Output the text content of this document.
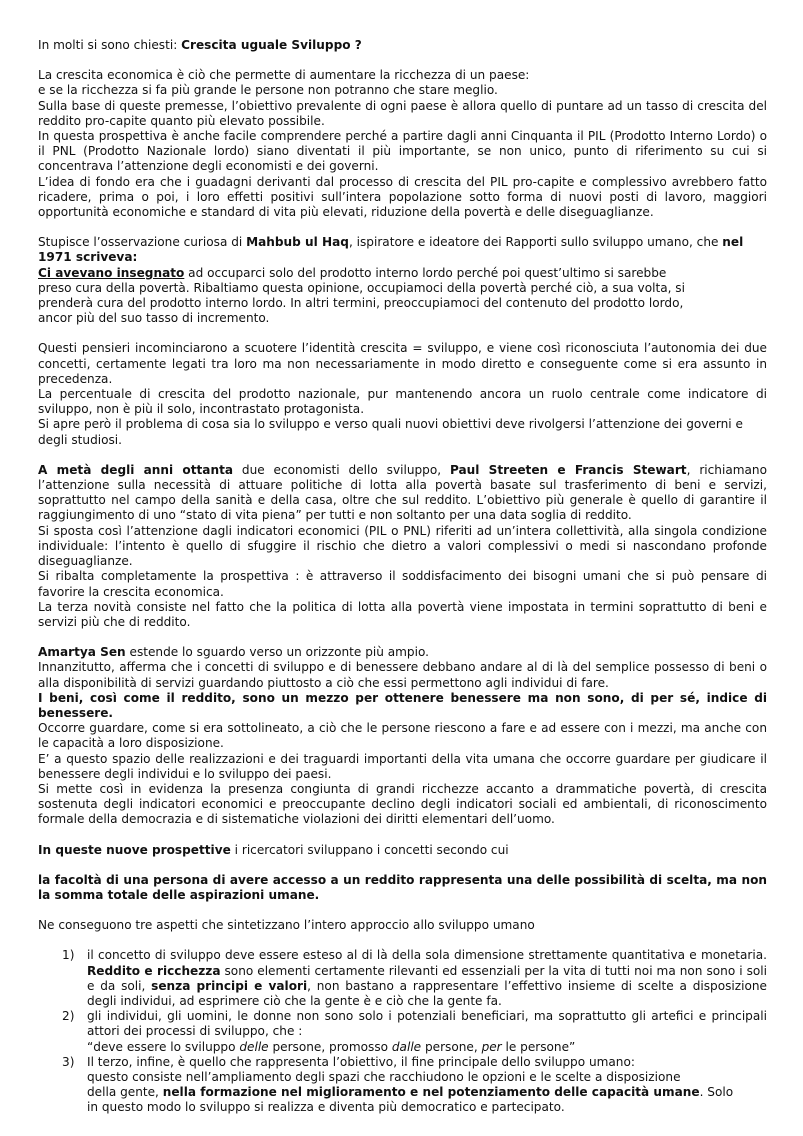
In molti si sono chiesti: Crescita uguale Sviluppo ?

La crescita economica è ciò che permette di aumentare la ricchezza di un paese:

e se la ricchezza si fa più grande le persone non potranno che stare meglio.

Sulla base di queste premesse, l’obiettivo prevalente di ogni paese è allora quello di puntare ad un tasso di crescita del reddito pro-capite quanto più elevato possibile.

In questa prospettiva è anche facile comprendere perché a partire dagli anni Cinquanta il PIL (Prodotto Interno Lordo) o il PNL (Prodotto Nazionale lordo) siano diventati il più importante, se non unico, punto di riferimento su cui si concentrava l’attenzione degli economisti e dei governi.

L’idea di fondo era che i guadagni derivanti dal processo di crescita del PIL pro-capite e complessivo avrebbero fatto ricadere, prima o poi, i loro effetti positivi sull’intera popolazione sotto forma di nuovi posti di lavoro, maggiori opportunità economiche e standard di vita più elevati, riduzione della povertà e delle diseguaglianze.

Stupisce l’osservazione curiosa di Mahbub ul Haq, ispiratore e ideatore dei Rapporti sullo sviluppo umano, che nel 1971 scriveva:

Ci avevano insegnato ad occuparci solo del prodotto interno lordo perché poi quest’ultimo si sarebbe preso cura della povertà. Ribaltiamo questa opinione, occupiamoci della povertà perché ciò, a sua volta, si prenderà cura del prodotto interno lordo. In altri termini, preoccupiamoci del contenuto del prodotto lordo, ancor più del suo tasso di incremento.

Questi pensieri incominciarono a scuotere l’identità crescita = sviluppo, e viene così riconosciuta l’autonomia dei due concetti, certamente legati tra loro ma non necessariamente in modo diretto e conseguente come si era assunto in precedenza.

La percentuale di crescita del prodotto nazionale, pur mantenendo ancora un ruolo centrale come indicatore di sviluppo, non è più il solo, incontrastato protagonista.

Si apre però il problema di cosa sia lo sviluppo e verso quali nuovi obiettivi deve rivolgersi l’attenzione dei governi e degli studiosi.

A metà degli anni ottanta due economisti dello sviluppo, Paul Streeten e Francis Stewart, richiamano l’attenzione sulla necessità di attuare politiche di lotta alla povertà basate sul trasferimento di beni e servizi, soprattutto nel campo della sanità e della casa, oltre che sul reddito. L’obiettivo più generale è quello di garantire il raggiungimento di uno “stato di vita piena” per tutti e non soltanto per una data soglia di reddito.

Si sposta così l’attenzione dagli indicatori economici (PIL o PNL) riferiti ad un’intera collettività, alla singola condizione individuale: l’intento è quello di sfuggire il rischio che dietro a valori complessivi o medi si nascondano profonde diseguaglianze.

Si ribalta completamente la prospettiva : è attraverso il soddisfacimento dei bisogni umani che si può pensare di favorire la crescita economica.

La terza novità consiste nel fatto che la politica di lotta alla povertà viene impostata in termini soprattutto di beni e servizi più che di reddito.

Amartya Sen estende lo sguardo verso un orizzonte più ampio.

Innanzitutto, afferma che i concetti di sviluppo e di benessere debbano andare al di là del semplice possesso di beni o alla disponibilità di servizi guardando piuttosto a ciò che essi permettono agli individui di fare.

I beni, così come il reddito, sono un mezzo per ottenere benessere ma non sono, di per sé, indice di benessere.

Occorre guardare, come si era sottolineato, a ciò che le persone riescono a fare e ad essere con i mezzi, ma anche con le capacità a loro disposizione.

E’ a questo spazio delle realizzazioni e dei traguardi importanti della vita umana che occorre guardare per giudicare il benessere degli individui e lo sviluppo dei paesi.

Si mette così in evidenza la presenza congiunta di grandi ricchezze accanto a drammatiche povertà, di crescita sostenuta degli indicatori economici e preoccupante declino degli indicatori sociali ed ambientali, di riconoscimento formale della democrazia e di sistematiche violazioni dei diritti elementari dell’uomo.

In queste nuove prospettive i ricercatori sviluppano i concetti secondo cui

la facoltà di una persona di avere accesso a un reddito rappresenta una delle possibilità di scelta, ma non la somma totale delle aspirazioni umane.

Ne conseguono tre aspetti che sintetizzano l’intero approccio allo sviluppo umano

1) il concetto di sviluppo deve essere esteso al di là della sola dimensione strettamente quantitativa e monetaria. Reddito e ricchezza sono elementi certamente rilevanti ed essenziali per la vita di tutti noi ma non sono i soli e da soli, senza principi e valori, non bastano a rappresentare l’effettivo insieme di scelte a disposizione degli individui, ad esprimere ciò che la gente è e ciò che la gente fa.
2) gli individui, gli uomini, le donne non sono solo i potenziali beneficiari, ma soprattutto gli artefici e principali attori dei processi di sviluppo, che :
“deve essere lo sviluppo delle persone, promosso dalle persone, per le persone”
3) Il terzo, infine, è quello che rappresenta l’obiettivo, il fine principale dello sviluppo umano:
questo consiste nell’ampliamento degli spazi che racchiudono le opzioni e le scelte a disposizione
della gente, nella formazione nel miglioramento e nel potenziamento delle capacità umane. Solo
in questo modo lo sviluppo si realizza e diventa più democratico e partecipato.
